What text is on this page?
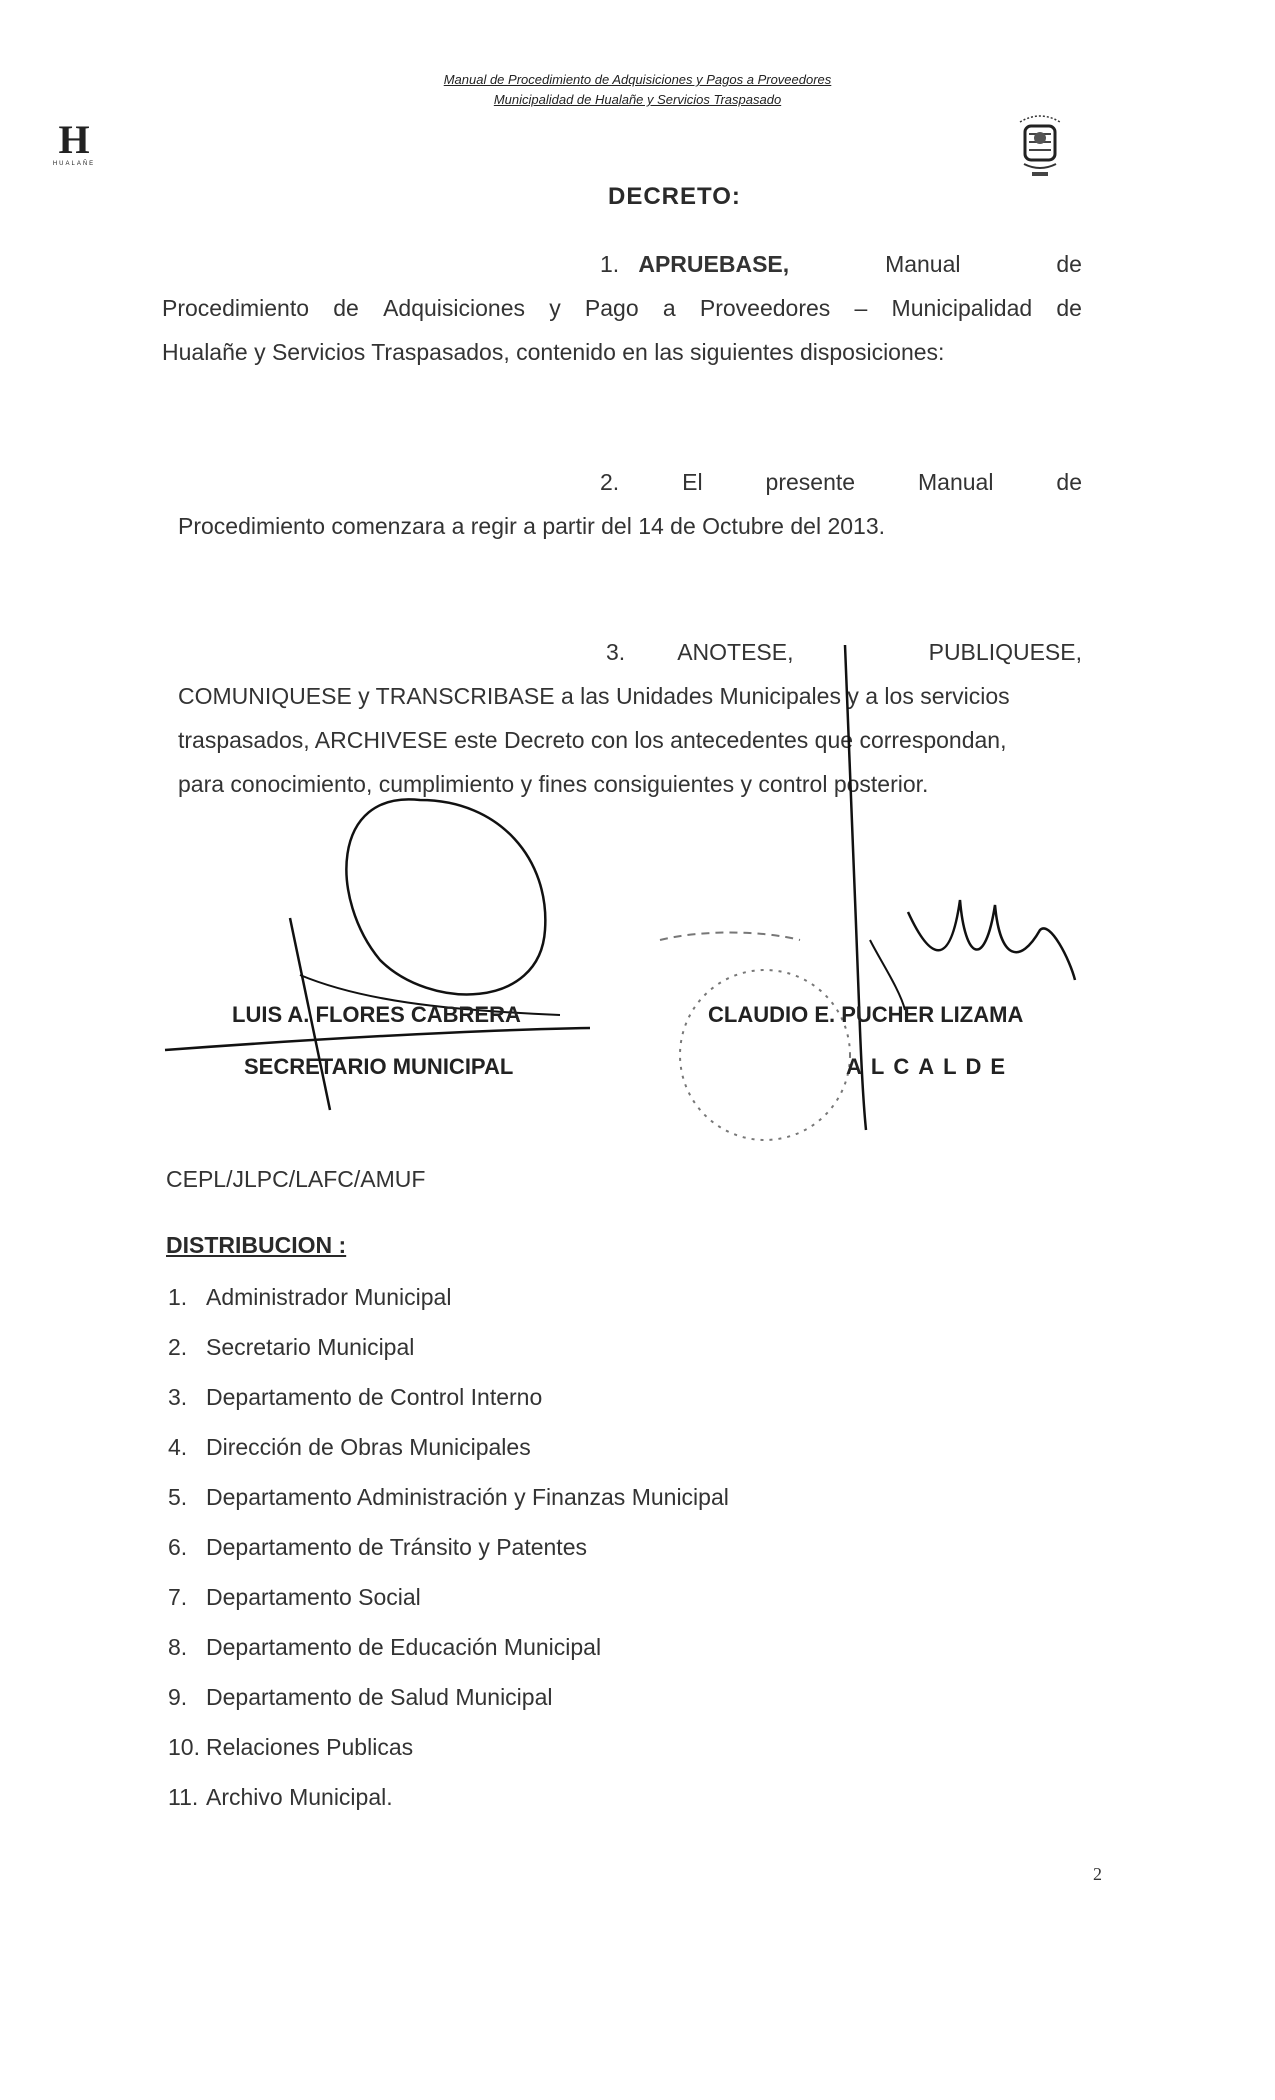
Manual de Procedimiento de Adquisiciones y Pagos a Proveedores
Municipalidad de Hualañe y Servicios Traspasado
H
HUALAÑE
DECRETO:
1. APRUEBASE,	Manual	de
Procedimiento de Adquisiciones y Pago a Proveedores – Municipalidad de
Hualañe y Servicios Traspasados, contenido en las siguientes disposiciones:
2.	El	presente	Manual	de
Procedimiento comenzara a regir a partir del 14 de Octubre del 2013.
3. ANOTESE,	PUBLIQUESE,
COMUNIQUESE y TRANSCRIBASE a las Unidades Municipales y a los servicios
traspasados, ARCHIVESE este Decreto con los antecedentes que correspondan,
para conocimiento, cumplimiento y fines consiguientes y control posterior.
LUIS A. FLORES CABRERA
SECRETARIO MUNICIPAL
CLAUDIO E. PUCHER LIZAMA
ALCALDE
CEPL/JLPC/LAFC/AMUF
DISTRIBUCION :
1. Administrador Municipal
2. Secretario Municipal
3. Departamento de Control Interno
4. Dirección de Obras Municipales
5. Departamento Administración y Finanzas Municipal
6. Departamento de Tránsito y Patentes
7. Departamento Social
8. Departamento de Educación Municipal
9. Departamento de Salud Municipal
10. Relaciones Publicas
11. Archivo Municipal.
2
